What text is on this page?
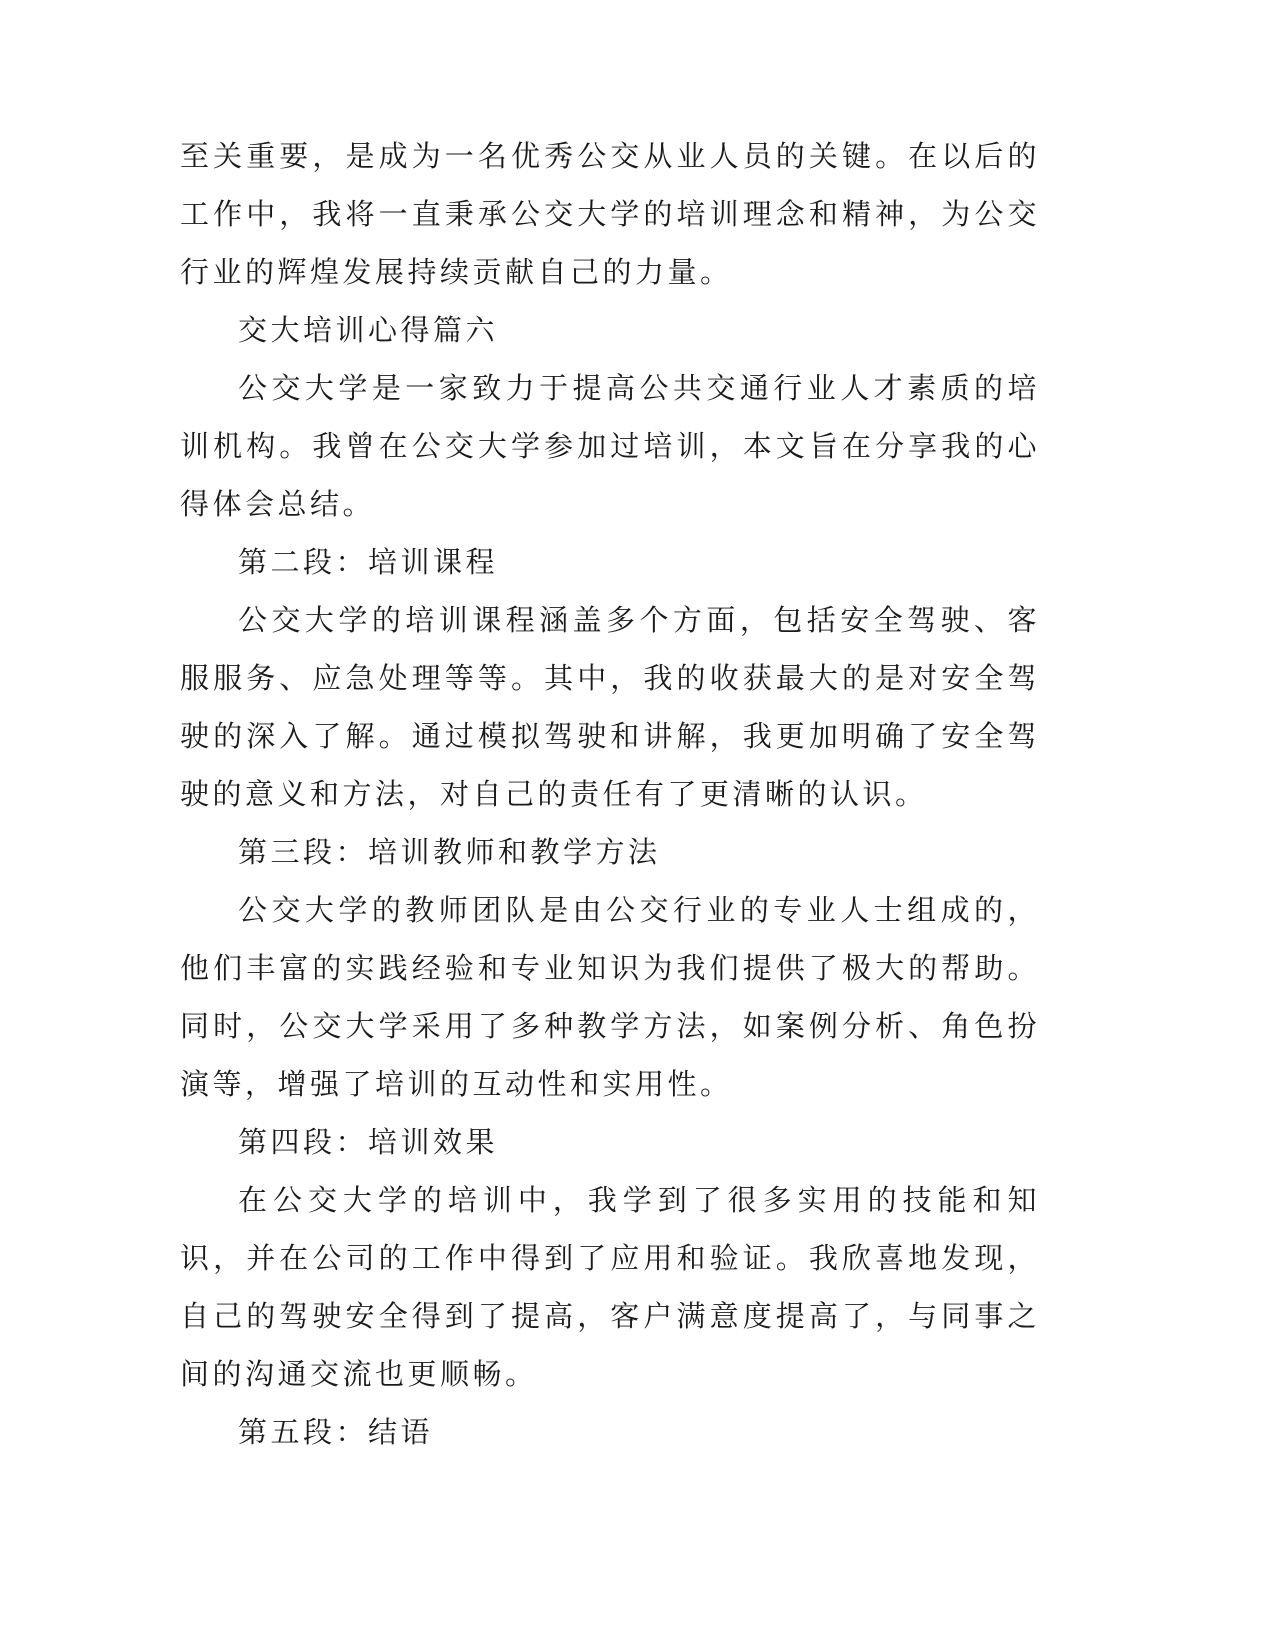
至关重要，是成为一名优秀公交从业人员的关键。在以后的工作中，我将一直秉承公交大学的培训理念和精神，为公交行业的辉煌发展持续贡献自己的力量。

交大培训心得篇六

公交大学是一家致力于提高公共交通行业人才素质的培训机构。我曾在公交大学参加过培训，本文旨在分享我的心得体会总结。

第二段：培训课程

公交大学的培训课程涵盖多个方面，包括安全驾驶、客服服务、应急处理等等。其中，我的收获最大的是对安全驾驶的深入了解。通过模拟驾驶和讲解，我更加明确了安全驾驶的意义和方法，对自己的责任有了更清晰的认识。

第三段：培训教师和教学方法

公交大学的教师团队是由公交行业的专业人士组成的，他们丰富的实践经验和专业知识为我们提供了极大的帮助。同时，公交大学采用了多种教学方法，如案例分析、角色扮演等，增强了培训的互动性和实用性。

第四段：培训效果

在公交大学的培训中，我学到了很多实用的技能和知识，并在公司的工作中得到了应用和验证。我欣喜地发现，自己的驾驶安全得到了提高，客户满意度提高了，与同事之间的沟通交流也更顺畅。

第五段：结语
